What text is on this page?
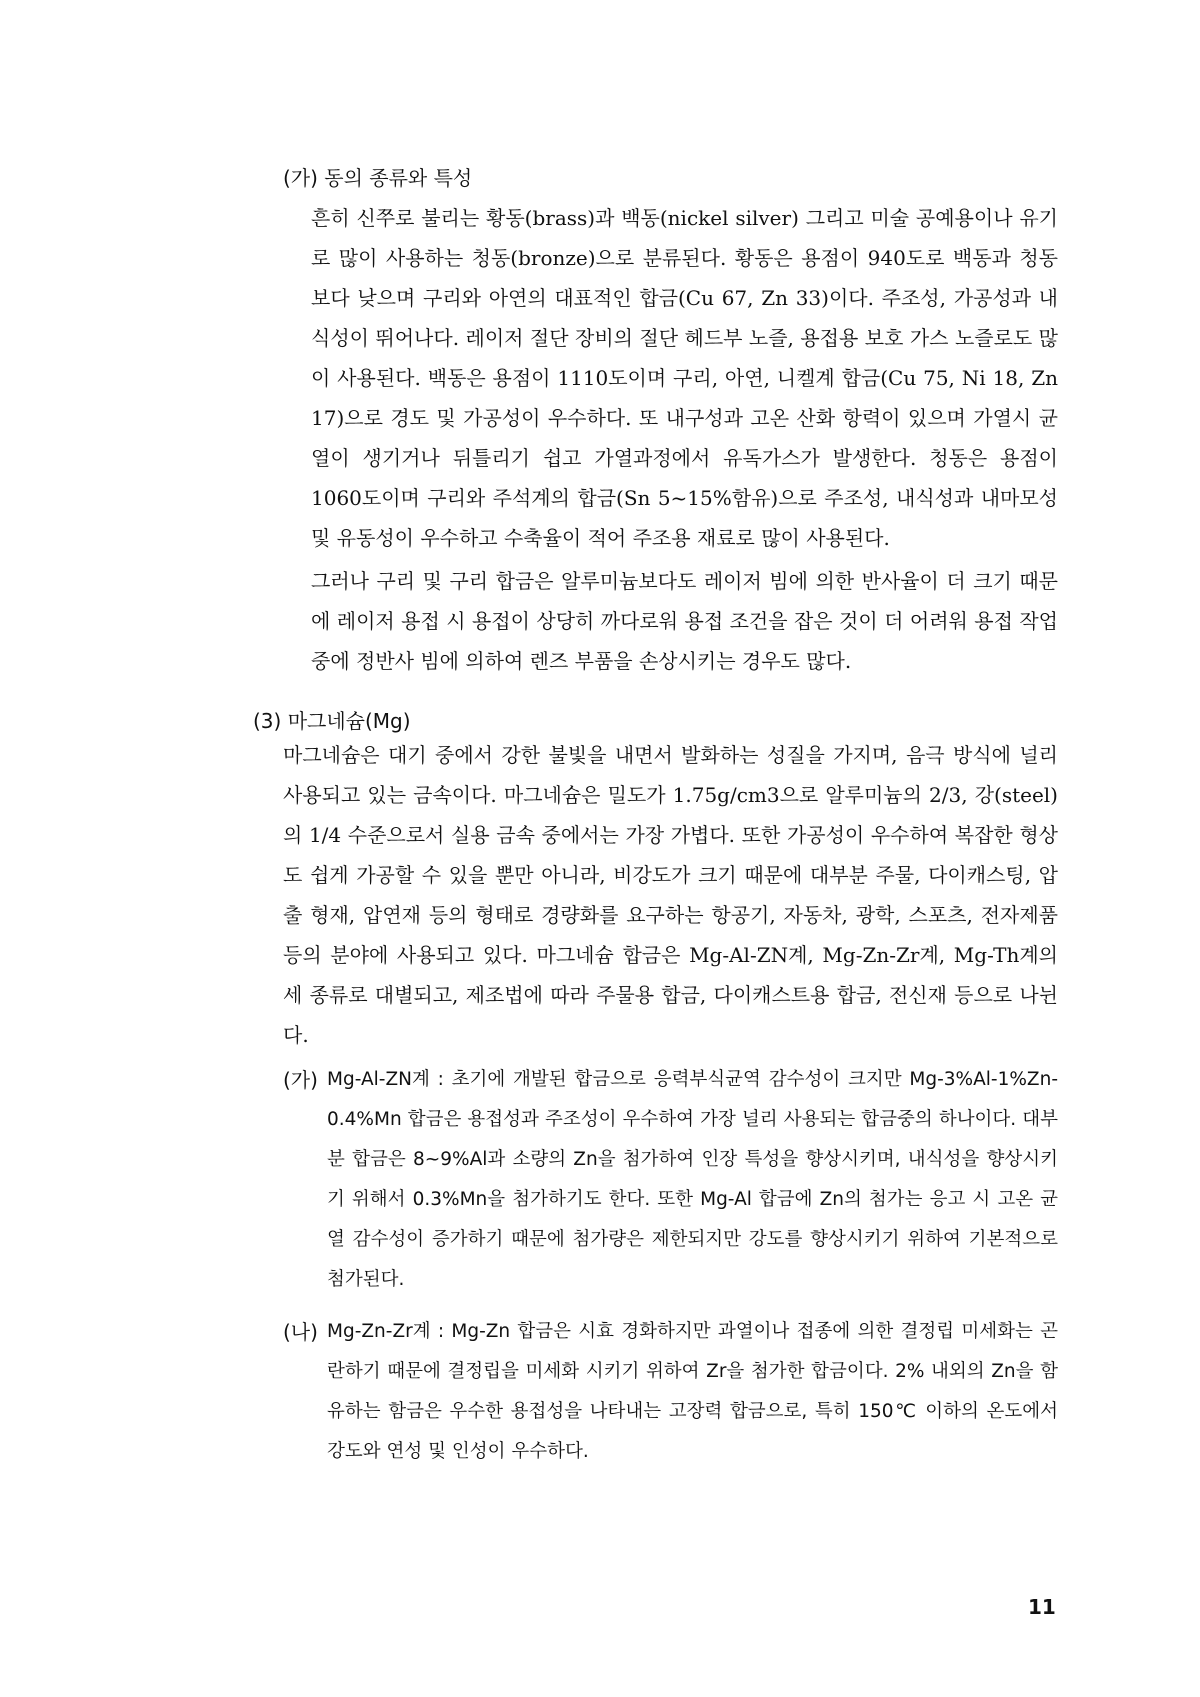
(가) 동의 종류와 특성

흔히 신쭈로 불리는 황동(brass)과 백동(nickel silver) 그리고 미술 공예용이나 유기로 많이 사용하는 청동(bronze)으로 분류된다. 황동은 용점이 940도로 백동과 청동보다 낮으며 구리와 아연의 대표적인 합금(Cu 67, Zn 33)이다. 주조성, 가공성과 내식성이 뛰어나다. 레이저 절단 장비의 절단 헤드부 노즐, 용접용 보호 가스 노즐로도 많이 사용된다. 백동은 용점이 1110도이며 구리, 아연, 니켈계 합금(Cu 75, Ni 18, Zn 17)으로 경도 및 가공성이 우수하다. 또 내구성과 고온 산화 항력이 있으며 가열시 균열이 생기거나 뒤틀리기 쉽고 가열과정에서 유독가스가 발생한다. 청동은 용점이 1060도이며 구리와 주석계의 합금(Sn 5~15%함유)으로 주조성, 내식성과 내마모성 및 유동성이 우수하고 수축율이 적어 주조용 재료로 많이 사용된다.

그러나 구리 및 구리 합금은 알루미늄보다도 레이저 빔에 의한 반사율이 더 크기 때문에 레이저 용접 시 용접이 상당히 까다로워 용접 조건을 잡은 것이 더 어려워 용접 작업 중에 정반사 빔에 의하여 렌즈 부품을 손상시키는 경우도 많다.

(3) 마그네슘(Mg)

마그네슘은 대기 중에서 강한 불빛을 내면서 발화하는 성질을 가지며, 음극 방식에 널리 사용되고 있는 금속이다. 마그네슘은 밀도가 1.75g/cm3으로 알루미늄의 2/3, 강(steel)의 1/4 수준으로서 실용 금속 중에서는 가장 가볍다. 또한 가공성이 우수하여 복잡한 형상도 쉽게 가공할 수 있을 뿐만 아니라, 비강도가 크기 때문에 대부분 주물, 다이캐스팅, 압출 형재, 압연재 등의 형태로 경량화를 요구하는 항공기, 자동차, 광학, 스포츠, 전자제품 등의 분야에 사용되고 있다. 마그네슘 합금은 Mg-Al-ZN계, Mg-Zn-Zr계, Mg-Th계의 세 종류로 대별되고, 제조법에 따라 주물용 합금, 다이캐스트용 합금, 전신재 등으로 나뉜다.

(가) Mg-Al-ZN계 : 초기에 개발된 합금으로 응력부식균역 감수성이 크지만 Mg-3%Al-1%Zn-0.4%Mn 합금은 용접성과 주조성이 우수하여 가장 널리 사용되는 합금중의 하나이다. 대부분 합금은 8~9%Al과 소량의 Zn을 첨가하여 인장 특성을 향상시키며, 내식성을 향상시키기 위해서 0.3%Mn을 첨가하기도 한다. 또한 Mg-Al 합금에 Zn의 첨가는 응고 시 고온 균열 감수성이 증가하기 때문에 첨가량은 제한되지만 강도를 향상시키기 위하여 기본적으로 첨가된다.

(나) Mg-Zn-Zr계 : Mg-Zn 합금은 시효 경화하지만 과열이나 접종에 의한 결정립 미세화는 곤란하기 때문에 결정립을 미세화 시키기 위하여 Zr을 첨가한 합금이다. 2% 내외의 Zn을 함유하는 함금은 우수한 용접성을 나타내는 고장력 합금으로, 특히 150℃ 이하의 온도에서 강도와 연성 및 인성이 우수하다.

11
